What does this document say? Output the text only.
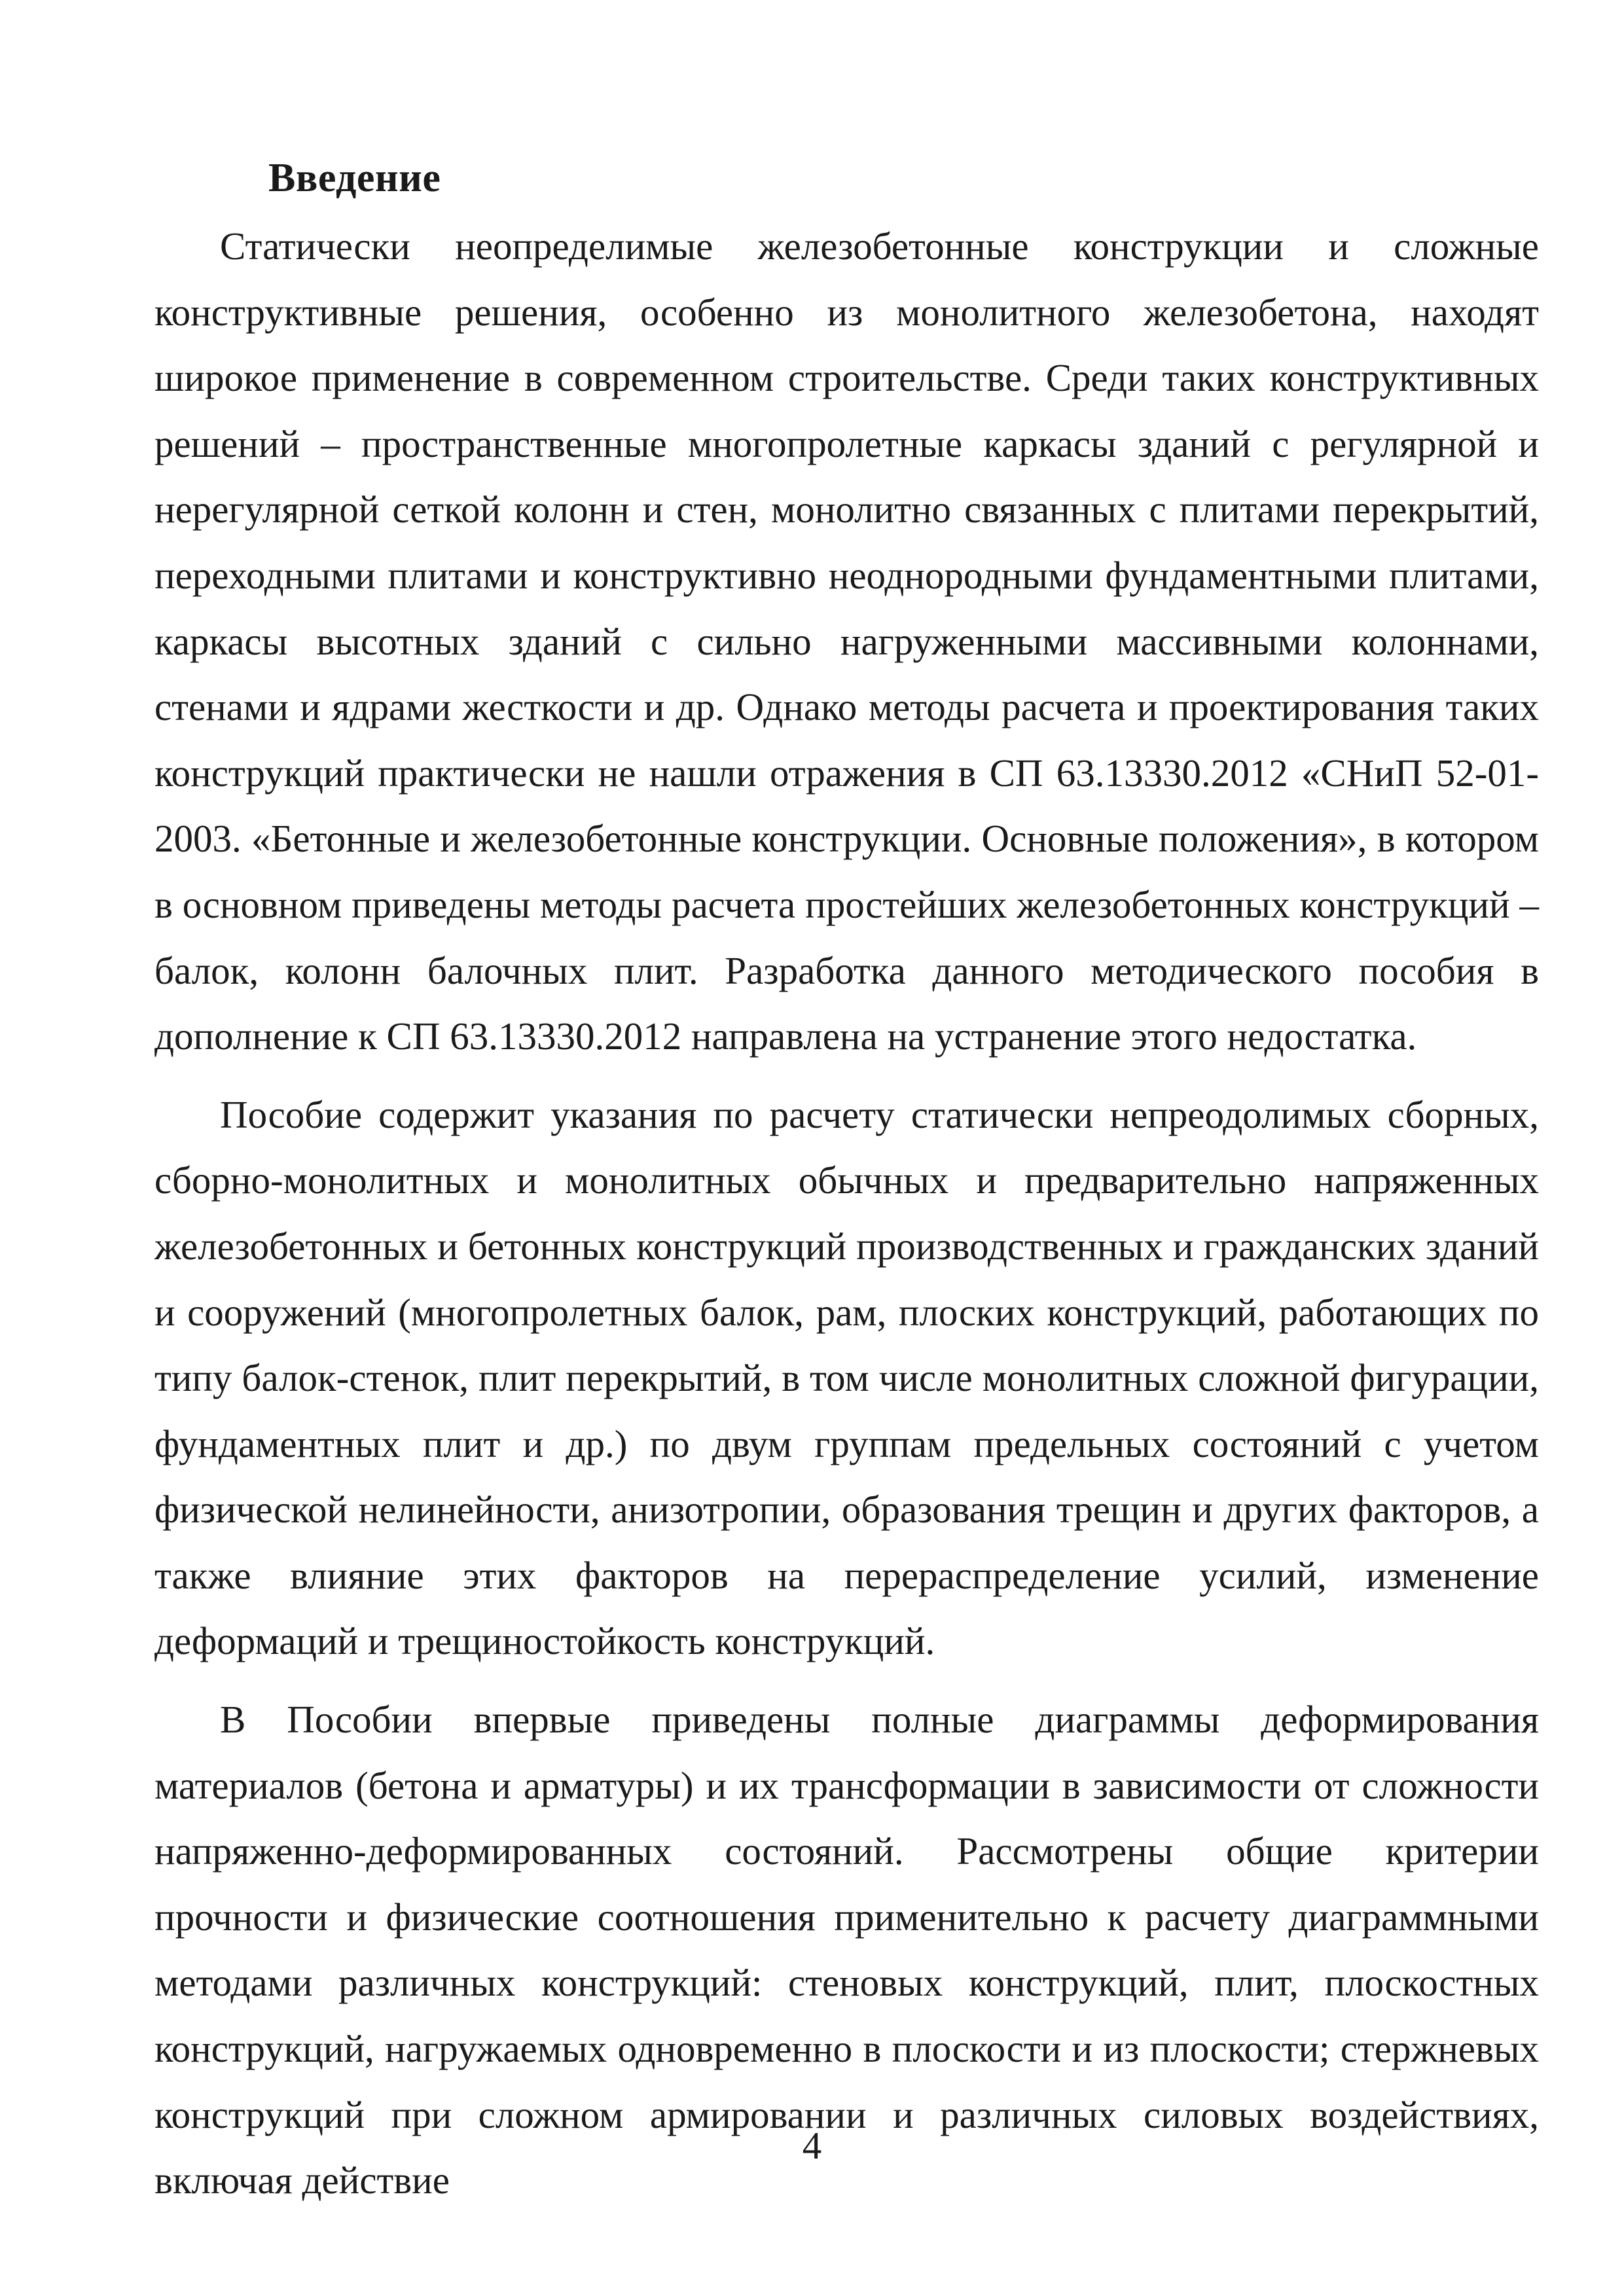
Введение

Статически неопределимые железобетонные конструкции и сложные конструктивные решения, особенно из монолитного железобетона, находят широкое применение в современном строительстве. Среди таких конструктивных решений – пространственные многопролетные каркасы зданий с регулярной и нерегулярной сеткой колонн и стен, монолитно связанных с плитами перекрытий, переходными плитами и конструктивно неоднородными фундаментными плитами, каркасы высотных зданий с сильно нагруженными массивными колоннами, стенами и ядрами жесткости и др. Однако методы расчета и проектирования таких конструкций практически не нашли отражения в СП 63.13330.2012 «СНиП 52-01-2003. «Бетонные и железобетонные конструкции. Основные положения», в котором в основном приведены методы расчета простейших железобетонных конструкций – балок, колонн балочных плит. Разработка данного методического пособия в дополнение к СП 63.13330.2012 направлена на устранение этого недостатка.

Пособие содержит указания по расчету статически непреодолимых сборных, сборно-монолитных и монолитных обычных и предварительно напряженных железобетонных и бетонных конструкций производственных и гражданских зданий и сооружений (многопролетных балок, рам, плоских конструкций, работающих по типу балок-стенок, плит перекрытий, в том числе монолитных сложной фигурации, фундаментных плит и др.) по двум группам предельных состояний с учетом физической нелинейности, анизотропии, образования трещин и других факторов, а также влияние этих факторов на перераспределение усилий, изменение деформаций и трещиностойкость конструкций.

В Пособии впервые приведены полные диаграммы деформирования материалов (бетона и арматуры) и их трансформации в зависимости от сложности напряженно-деформированных состояний. Рассмотрены общие критерии прочности и физические соотношения применительно к расчету диаграммными методами различных конструкций: стеновых конструкций, плит, плоскостных конструкций, нагружаемых одновременно в плоскости и из плоскости; стержневых конструкций при сложном армировании и различных силовых воздействиях, включая действие

4
